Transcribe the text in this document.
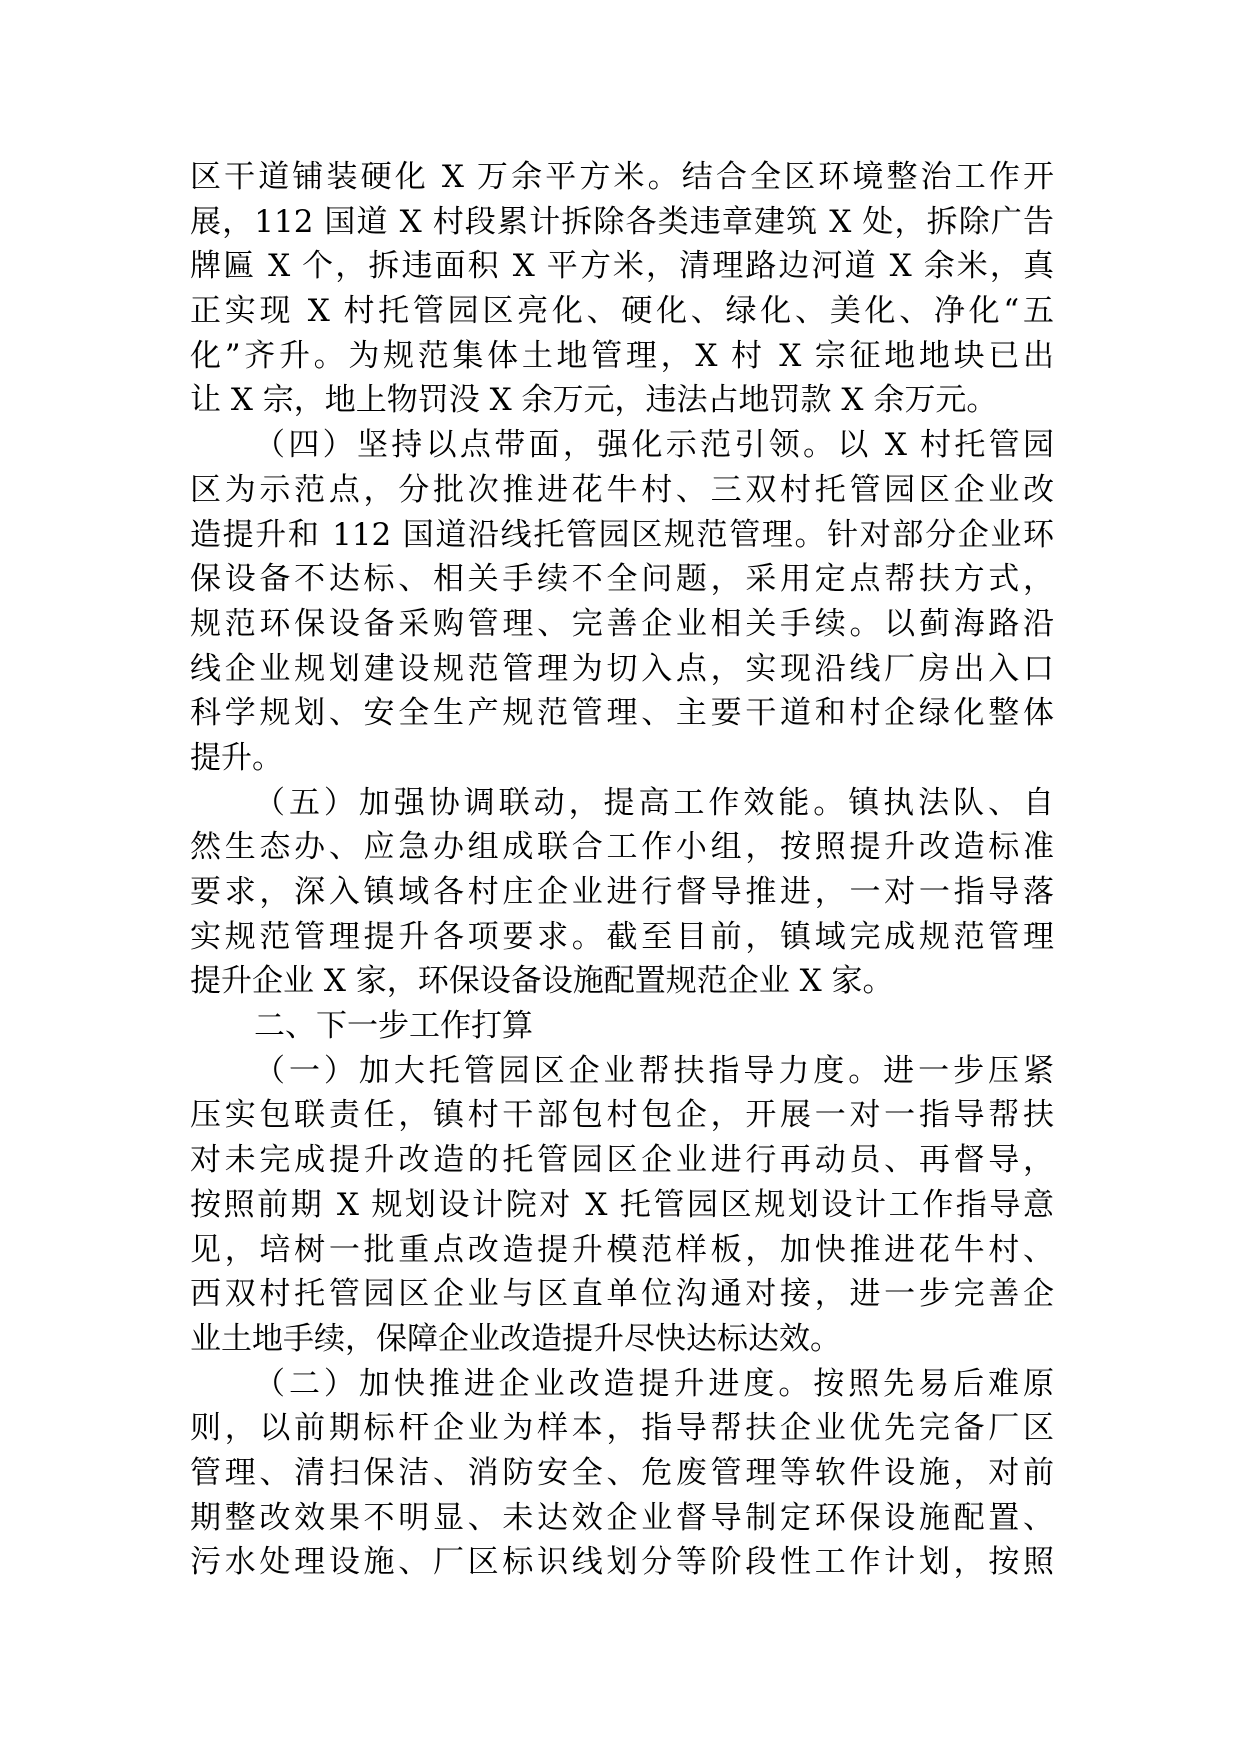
区干道铺装硬化 X 万余平方米。结合全区环境整治工作开
展，112 国道 X 村段累计拆除各类违章建筑 X 处，拆除广告
牌匾 X 个，拆违面积 X 平方米，清理路边河道 X 余米，真
正实现 X 村托管园区亮化、硬化、绿化、美化、净化“五
化”齐升。为规范集体土地管理，X 村 X 宗征地地块已出
让 X 宗，地上物罚没 X 余万元，违法占地罚款 X 余万元。
（四）坚持以点带面，强化示范引领。以 X 村托管园
区为示范点，分批次推进花牛村、三双村托管园区企业改
造提升和 112 国道沿线托管园区规范管理。针对部分企业环
保设备不达标、相关手续不全问题，采用定点帮扶方式，
规范环保设备采购管理、完善企业相关手续。以蓟海路沿
线企业规划建设规范管理为切入点，实现沿线厂房出入口
科学规划、安全生产规范管理、主要干道和村企绿化整体
提升。
（五）加强协调联动，提高工作效能。镇执法队、自
然生态办、应急办组成联合工作小组，按照提升改造标准
要求，深入镇域各村庄企业进行督导推进，一对一指导落
实规范管理提升各项要求。截至目前，镇域完成规范管理
提升企业 X 家，环保设备设施配置规范企业 X 家。
二、下一步工作打算
（一）加大托管园区企业帮扶指导力度。进一步压紧
压实包联责任，镇村干部包村包企，开展一对一指导帮扶
对未完成提升改造的托管园区企业进行再动员、再督导，
按照前期 X 规划设计院对 X 托管园区规划设计工作指导意
见，培树一批重点改造提升模范样板，加快推进花牛村、
西双村托管园区企业与区直单位沟通对接，进一步完善企
业土地手续，保障企业改造提升尽快达标达效。
（二）加快推进企业改造提升进度。按照先易后难原
则，以前期标杆企业为样本，指导帮扶企业优先完备厂区
管理、清扫保洁、消防安全、危废管理等软件设施，对前
期整改效果不明显、未达效企业督导制定环保设施配置、
污水处理设施、厂区标识线划分等阶段性工作计划，按照
